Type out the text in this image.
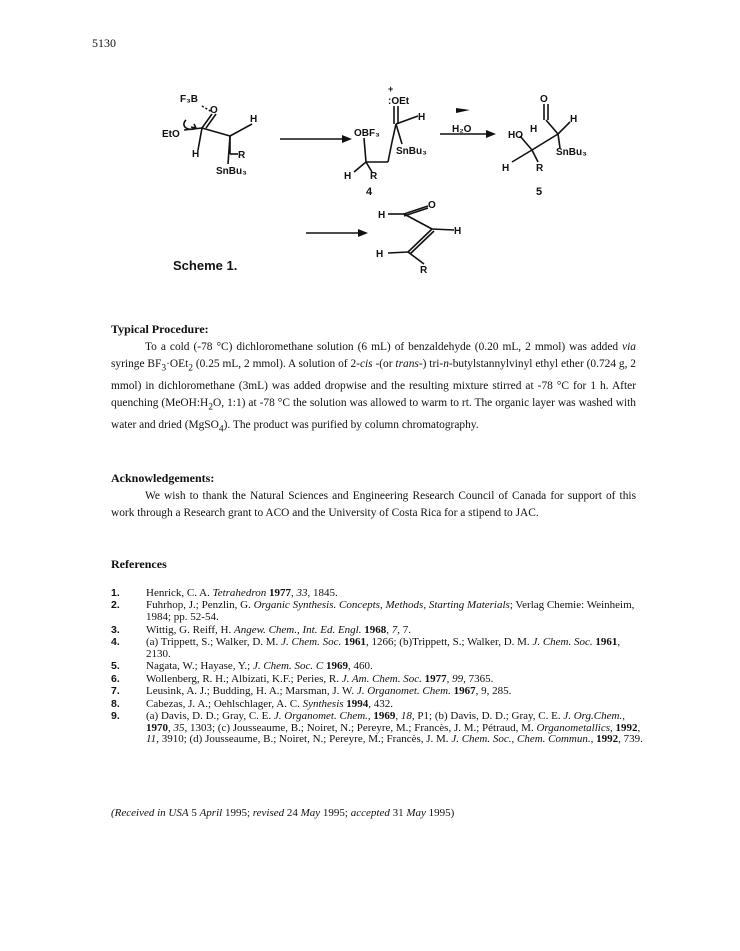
5130
F₃B
O
H
EtO
H	R
SnBu₃
+
:OEt
OBF₃
H
SnBu₃
H R
4
H₂O
O
HO
H
H
SnBu₃
H	R
5
H
O
H
H
R
Scheme 1.
Typical Procedure:
To a cold (-78 °C) dichloromethane solution (6 mL) of benzaldehyde (0.20 mL, 2 mmol) was added via syringe $BF_3\cdot OEt_2$ (0.25 mL, 2 mmol). A solution of 2-cis -(or trans-) tri-n-butylstannylvinyl ethyl ether (0.724 g, 2 mmol) in dichloromethane (3mL) was added dropwise and the resulting mixture stirred at -78 °C for 1 h. After quenching ($MeOH:H_2O$, 1:1) at -78 °C the solution was allowed to warm to rt. The organic layer was washed with water and dried (MgSO$_4$). The product was purified by column chromatography.
Acknowledgements:
We wish to thank the Natural Sciences and Engineering Research Council of Canada for support of this work through a Research grant to ACO and the University of Costa Rica for a stipend to JAC.
References
1.	Henrick, C. A. Tetrahedron 1977, 33, 1845.
2.	Fuhrhop, J.; Penzlin, G. Organic Synthesis. Concepts, Methods, Starting Materials; Verlag Chemie: Weinheim, 1984; pp. 52-54.
3.	Wittig, G. Reiff, H. Angew. Chem., Int. Ed. Engl. 1968, 7, 7.
4.	(a) Trippett, S.; Walker, D. M. J. Chem. Soc. 1961, 1266; (b)Trippett, S.; Walker, D. M. J. Chem. Soc. 1961, 2130.
5.	Nagata, W.; Hayase, Y.; J. Chem. Soc. C 1969, 460.
6.	Wollenberg, R. H.; Albizati, K.F.; Peries, R. J. Am. Chem. Soc. 1977, 99, 7365.
7.	Leusink, A. J.; Budding, H. A.; Marsman, J. W. J. Organomet. Chem. 1967, 9, 285.
8.	Cabezas, J. A.; Oehlschlager, A. C. Synthesis 1994, 432.
9.	(a) Davis, D. D.; Gray, C. E. J. Organomet. Chem., 1969, 18, P1; (b) Davis, D. D.; Gray, C. E. J. Org.Chem., 1970, 35, 1303; (c) Jousseaume, B.; Noiret, N.; Pereyre, M.; Francès, J. M.; Pétraud, M. Organometallics, 1992, 11, 3910; (d) Jousseaume, B.; Noiret, N.; Pereyre, M.; Francès, J. M. J. Chem. Soc., Chem. Commun., 1992, 739.
(Received in USA 5 April 1995; revised 24 May 1995; accepted 31 May 1995)
